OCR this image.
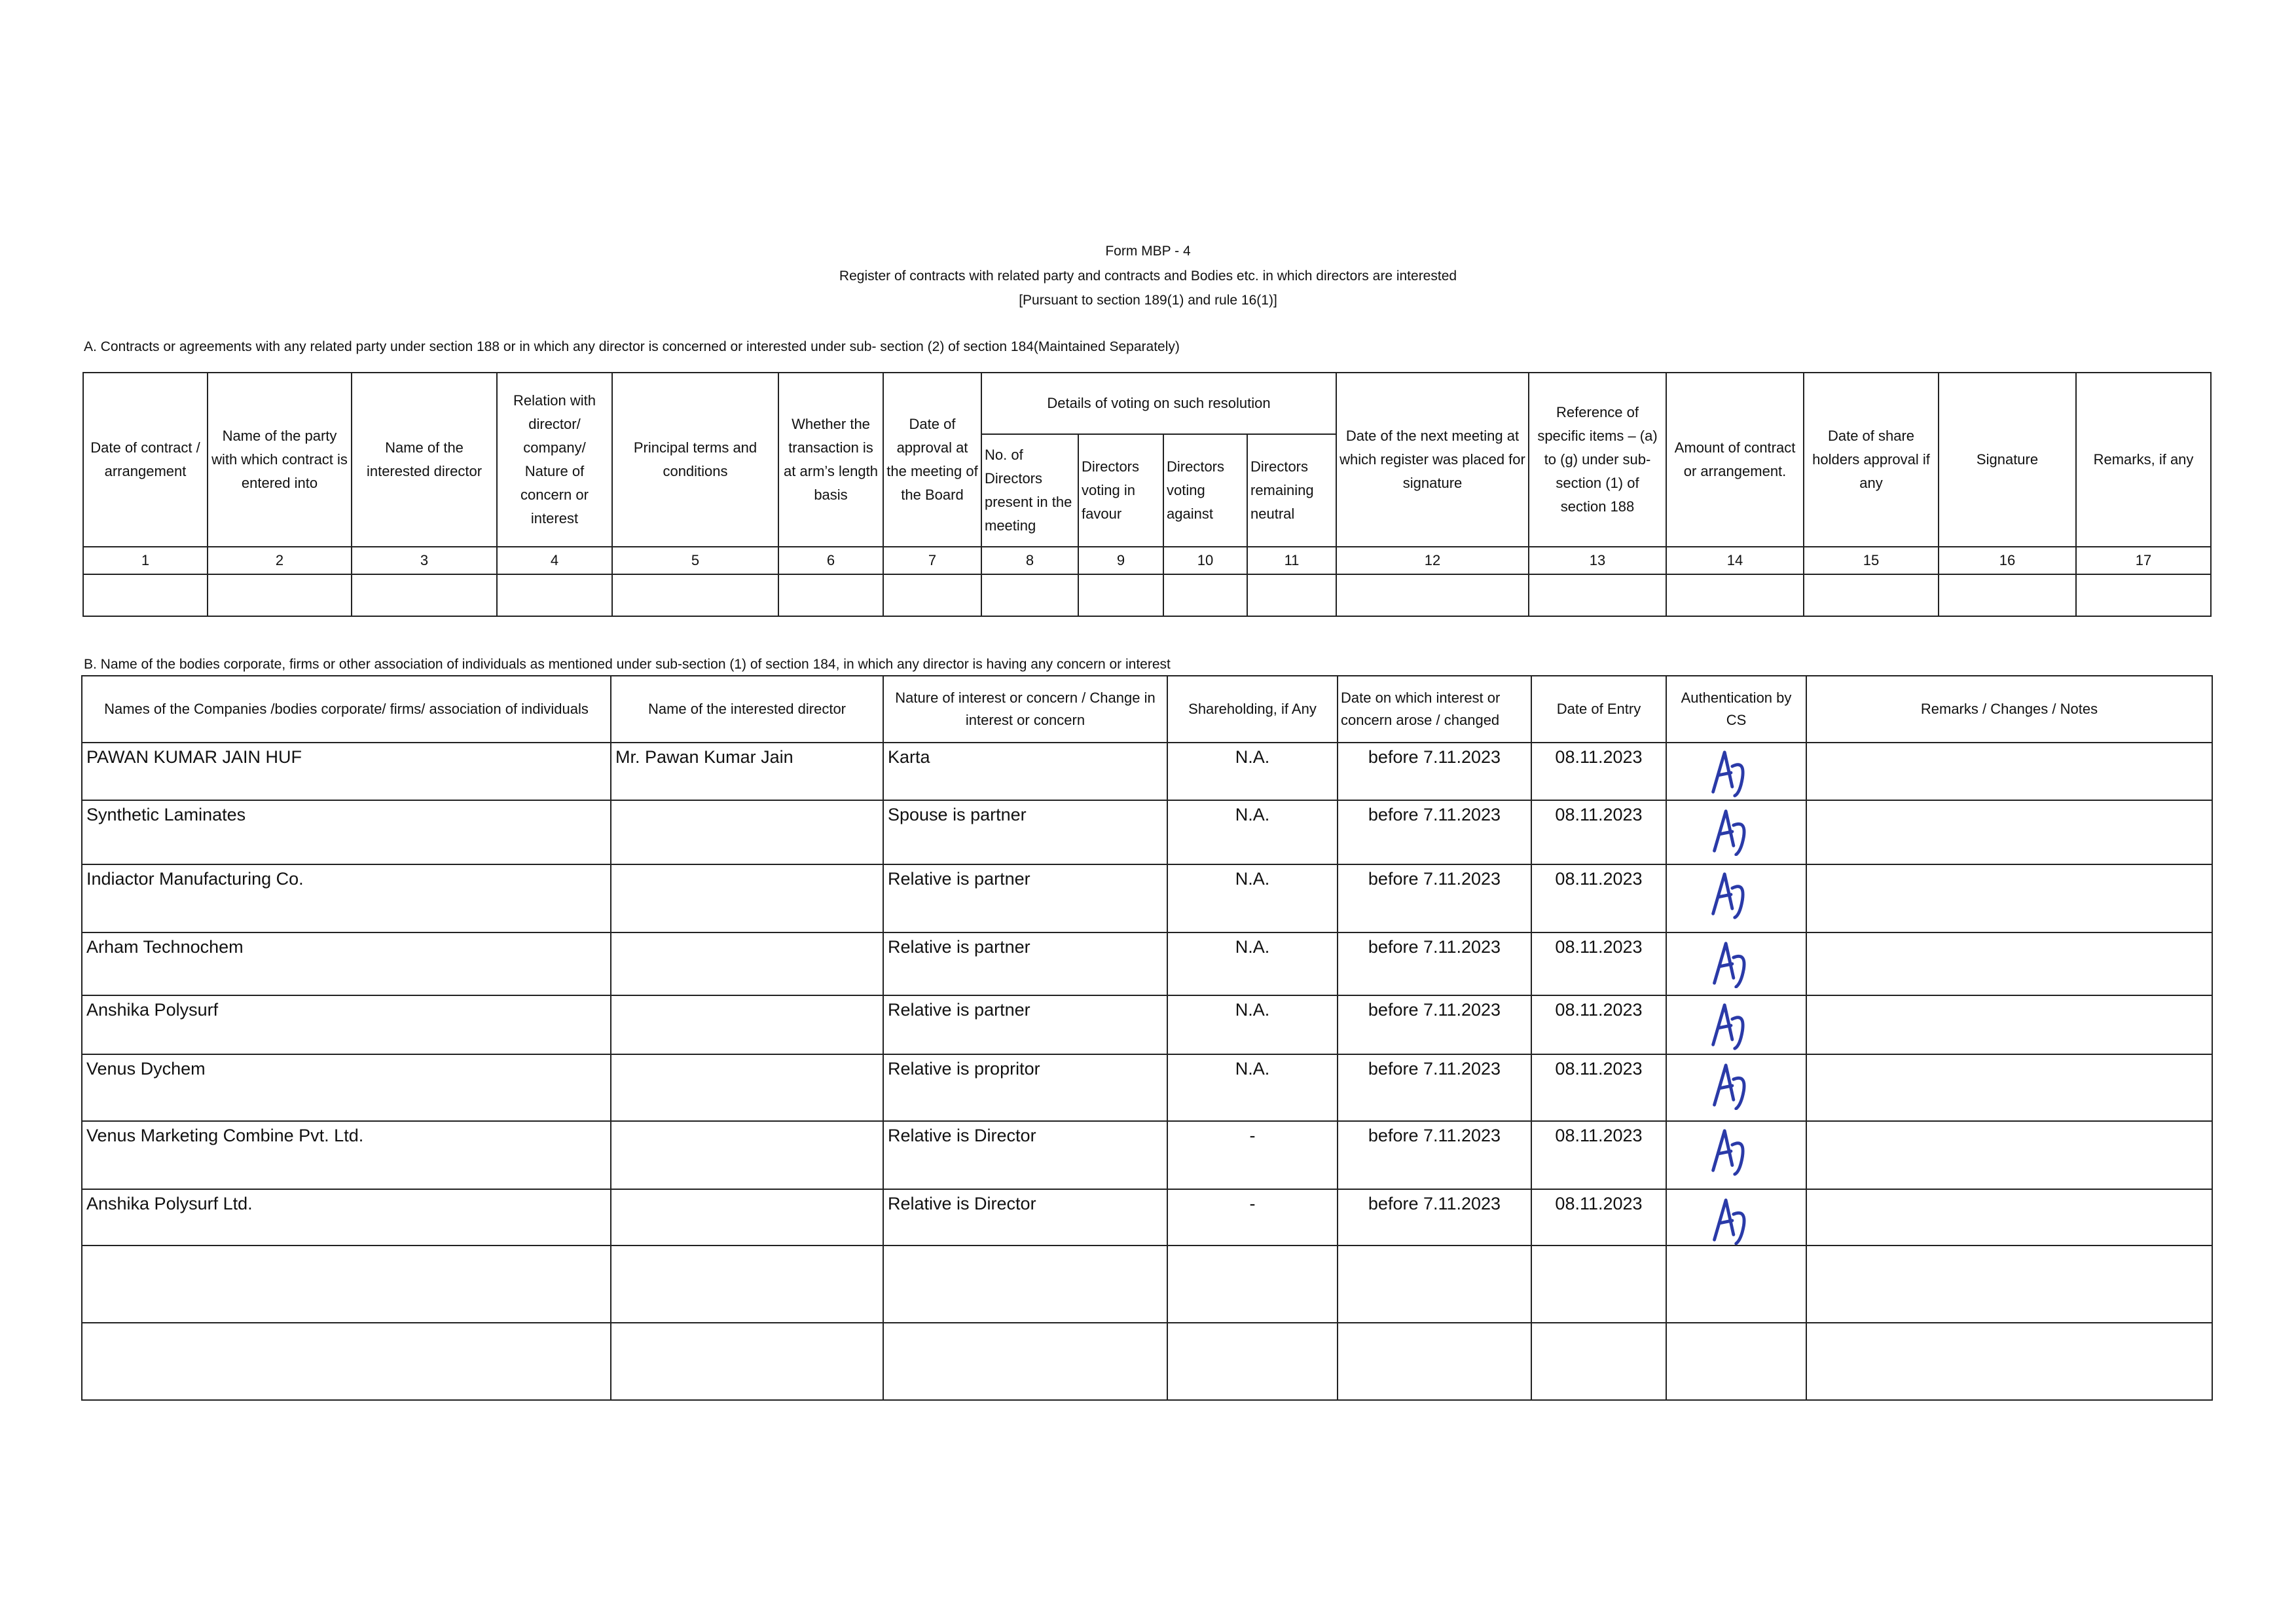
Form MBP - 4
Register of contracts with related party and contracts and Bodies etc. in which directors are interested
[Pursuant to section 189(1) and rule 16(1)]
A. Contracts or agreements with any related party under section 188 or in which any director is concerned or interested under sub- section (2) of section 184(Maintained Separately)
Date of contract / arrangement	Name of the party with which contract is entered into	Name of the interested director	Relation with director/ company/ Nature of concern or interest	Principal terms and conditions	Whether the transaction is at arm’s length basis	Date of approval at the meeting of the Board	Details of voting on such resolution				Date of the next meeting at which register was placed for signature	Reference of specific items – (a) to (g) under sub-section (1) of section 188	Amount of contract or arrangement.	Date of share holders approval if any	Signature	Remarks, if any
							No. of Directors present in the meeting	Directors voting in favour	Directors voting against	Directors remaining neutral						
1	2	3	4	5	6	7	8	9	10	11	12	13	14	15	16	17

B. Name of the bodies corporate, firms or other association of individuals as mentioned under sub-section (1) of section 184, in which any director is having any concern or interest
Names of the Companies /bodies corporate/ firms/ association of individuals	Name of the interested director	Nature of interest or concern / Change in interest or concern	Shareholding, if Any	Date on which interest or concern arose / changed	Date of Entry	Authentication by CS	Remarks / Changes / Notes
PAWAN KUMAR JAIN HUF	Mr. Pawan Kumar Jain	Karta	N.A.	before 7.11.2023	08.11.2023	

Synthetic Laminates		Spouse is partner	N.A.	before 7.11.2023	08.11.2023	

Indiactor Manufacturing Co.		Relative is partner	N.A.	before 7.11.2023	08.11.2023	

Arham Technochem		Relative is partner	N.A.	before 7.11.2023	08.11.2023	

Anshika Polysurf		Relative is partner	N.A.	before 7.11.2023	08.11.2023	

Venus Dychem		Relative is propritor	N.A.	before 7.11.2023	08.11.2023	

Venus Marketing Combine Pvt. Ltd.		Relative is Director	-	before 7.11.2023	08.11.2023	

Anshika Polysurf Ltd.		Relative is Director	-	before 7.11.2023	08.11.2023	
